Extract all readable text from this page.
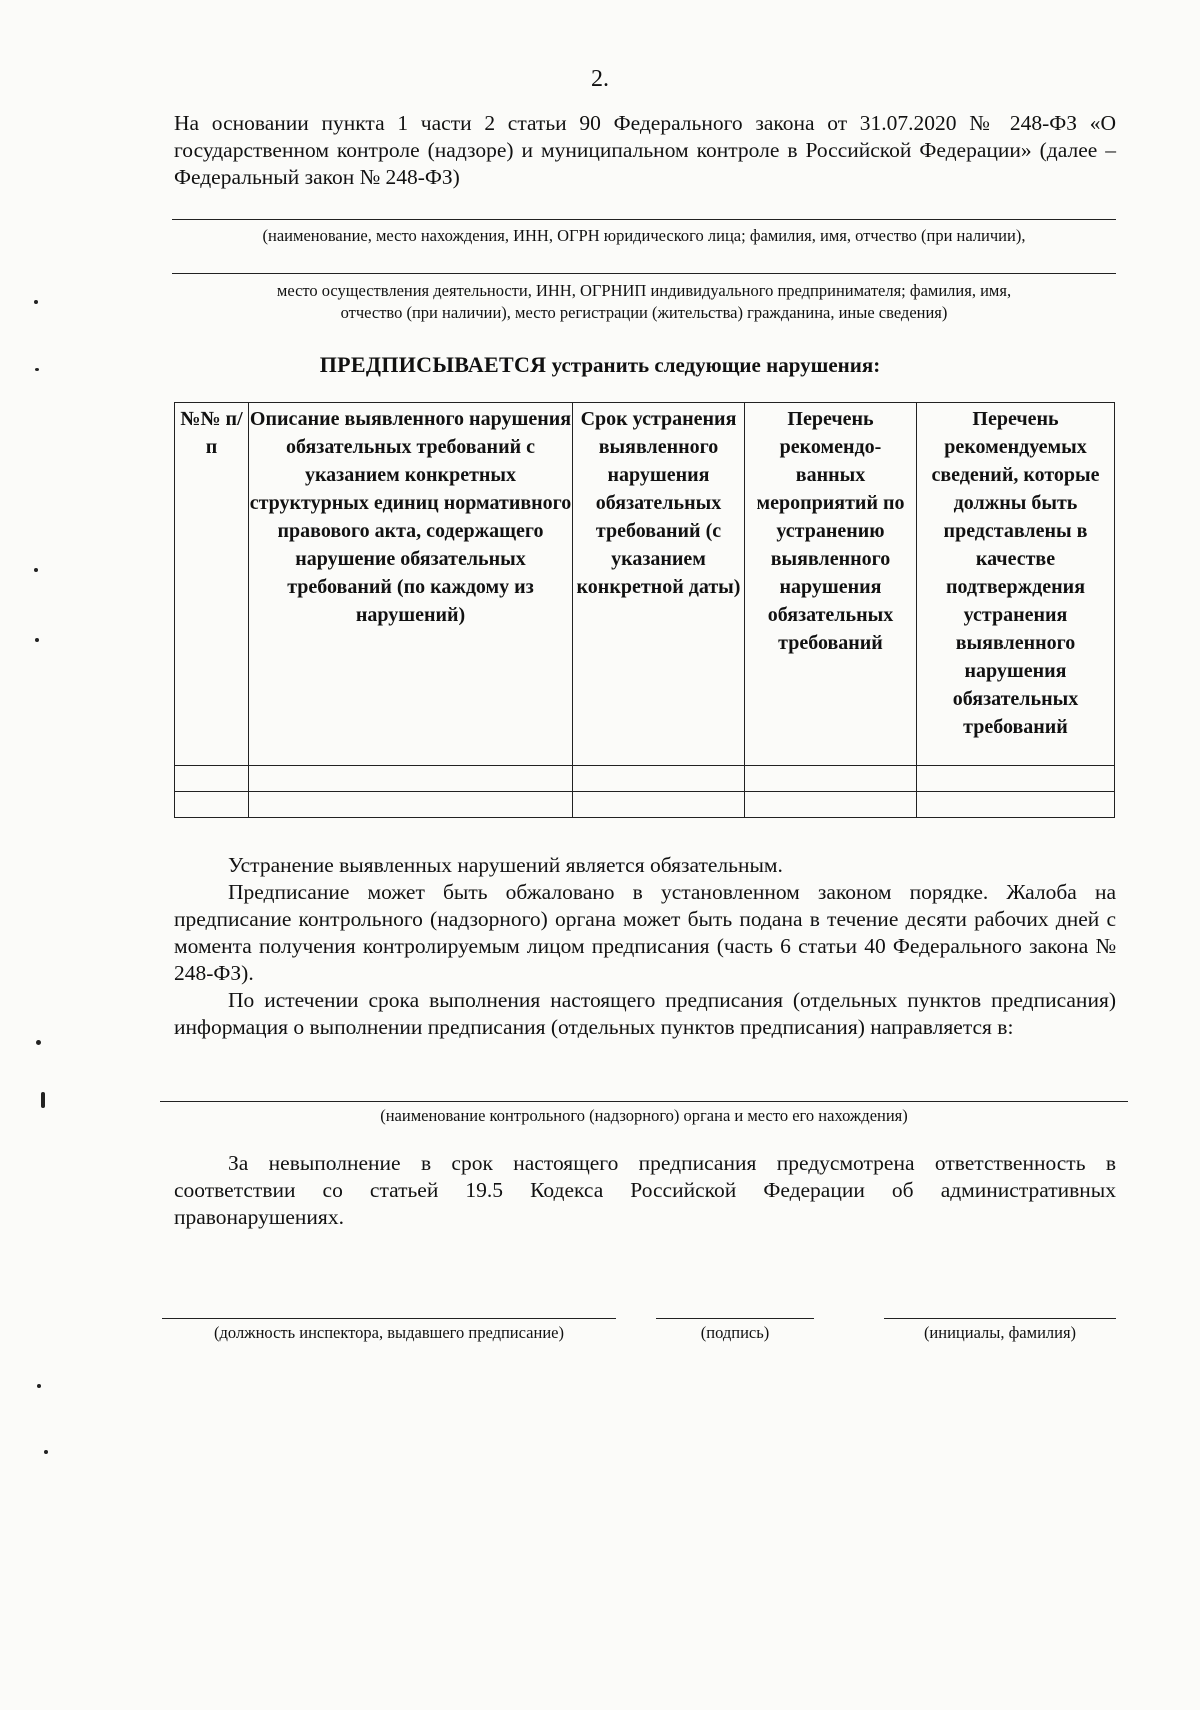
2.
На основании пункта 1 части 2 статьи 90 Федерального закона от 31.07.2020 № 248-ФЗ «О государственном контроле (надзоре) и муниципальном контроле в Российской Федерации» (далее – Федеральный закон № 248-ФЗ)
(наименование, место нахождения, ИНН, ОГРН юридического лица; фамилия, имя, отчество (при наличии),
место осуществления деятельности, ИНН, ОГРНИП индивидуального предпринимателя; фамилия, имя,
отчество (при наличии), место регистрации (жительства) гражданина, иные сведения)
ПРЕДПИСЫВАЕТСЯ устранить следующие нарушения:
№№ п/п	Описание выявленного нарушения обязательных требований с указанием конкретных структурных единиц нормативного правового акта, содержащего нарушение обязательных требований (по каждому из нарушений)	Срок устранения выявленного нарушения обязательных требований (с указанием конкретной даты)	Перечень рекомендо-ванных мероприятий по устранению выявленного нарушения обязательных требований	Перечень рекомендуемых сведений, которые должны быть представлены в качестве подтверждения устранения выявленного нарушения обязательных требований

Устранение выявленных нарушений является обязательным.
Предписание может быть обжаловано в установленном законом порядке. Жалоба на предписание контрольного (надзорного) органа может быть подана в течение десяти рабочих дней с момента получения контролируемым лицом предписания (часть 6 статьи 40 Федерального закона № 248-ФЗ).
По истечении срока выполнения настоящего предписания (отдельных пунктов предписания) информация о выполнении предписания (отдельных пунктов предписания) направляется в:
(наименование контрольного (надзорного) органа и место его нахождения)
За невыполнение в срок настоящего предписания предусмотрена ответственность в соответствии со статьей 19.5 Кодекса Российской Федерации об административных правонарушениях.
(должность инспектора, выдавшего предписание)	(подпись)	(инициалы, фамилия)
